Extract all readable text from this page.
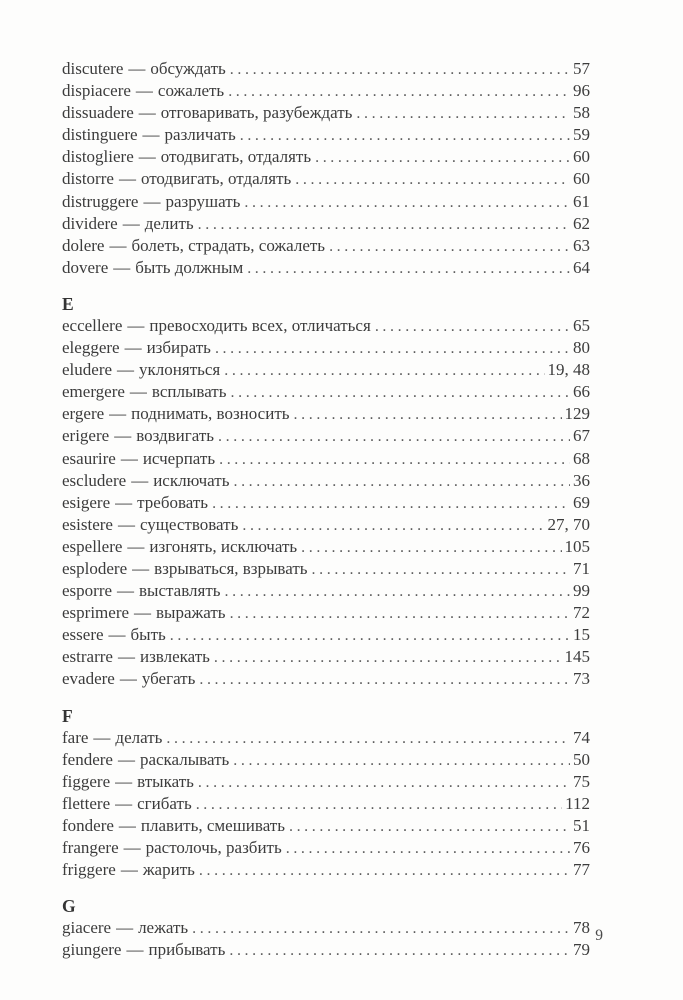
discutere — обсуждать .....	57
dispiacere — сожалеть .....	96
dissuadere — отговаривать, разубеждать .....	58
distinguere — различать .....	59
distogliere — отодвигать, отдалять .....	60
distorre — отодвигать, отдалять .....	60
distruggere — разрушать .....	61
dividere — делить .....	62
dolere — болеть, страдать, сожалеть .....	63
dovere — быть должным .....	64
E
eccellere — превосходить всех, отличаться .....	65
eleggere — избирать .....	80
eludere — уклоняться .....	19, 48
emergere — всплывать .....	66
ergere — поднимать, возносить .....	129
erigere — воздвигать .....	67
esaurire — исчерпать .....	68
escludere — исключать .....	36
esigere — требовать .....	69
esistere — существовать .....	27, 70
espellere — изгонять, исключать .....	105
esplodere — взрываться, взрывать .....	71
esporre — выставлять .....	99
esprimere — выражать .....	72
essere — быть .....	15
estrarre — извлекать .....	145
evadere — убегать .....	73
F
fare — делать .....	74
fendere — раскалывать .....	50
figgere — втыкать .....	75
flettere — сгибать .....	112
fondere — плавить, смешивать .....	51
frangere — растолочь, разбить .....	76
friggere — жарить .....	77
G
giacere — лежать .....	78
giungere — прибывать .....	79
9
